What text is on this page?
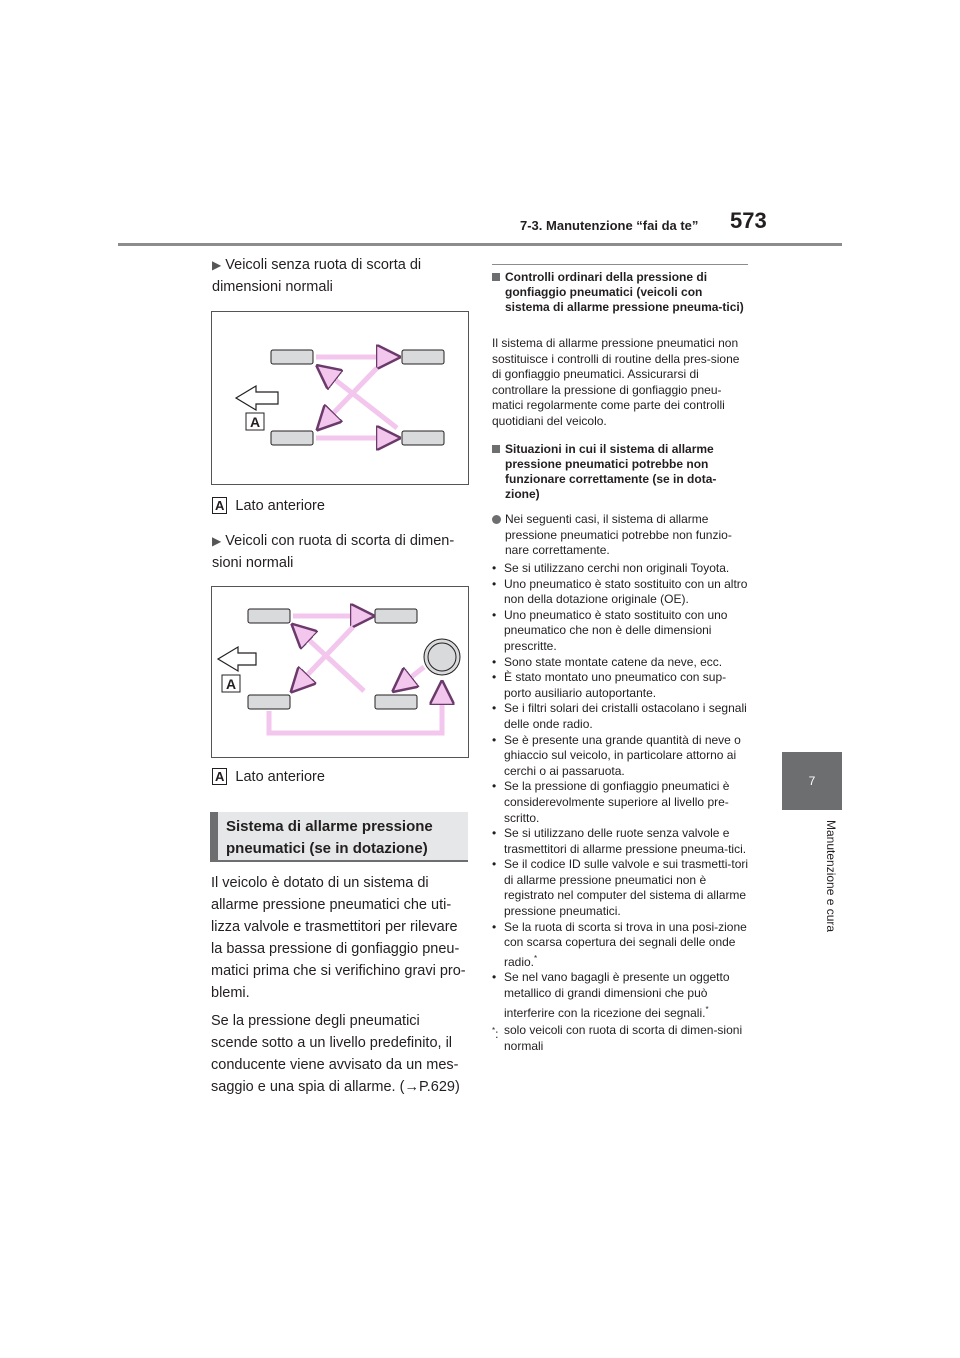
7-3. Manutenzione “fai da te” 573
7
Manutenzione e cura
▶ Veicoli senza ruota di scorta di dimensioni normali
A
A Lato anteriore
▶ Veicoli con ruota di scorta di dimen-sioni normali
A
A Lato anteriore
Sistema di allarme pressione pneumatici (se in dotazione)
Il veicolo è dotato di un sistema di allarme pressione pneumatici che uti-lizza valvole e trasmettitori per rilevare la bassa pressione di gonfiaggio pneu-matici prima che si verifichino gravi pro-blemi.
Se la pressione degli pneumatici scende sotto a un livello predefinito, il conducente viene avvisato da un mes-saggio e una spia di allarme. (→P.629)
Controlli ordinari della pressione di gonfiaggio pneumatici (veicoli con sistema di allarme pressione pneuma-tici)
Il sistema di allarme pressione pneumatici non sostituisce i controlli di routine della pres-sione di gonfiaggio pneumatici. Assicurarsi di controllare la pressione di gonfiaggio pneu-matici regolarmente come parte dei controlli quotidiani del veicolo.
Situazioni in cui il sistema di allarme pressione pneumatici potrebbe non funzionare correttamente (se in dota-zione)
Nei seguenti casi, il sistema di allarme pressione pneumatici potrebbe non funzio-nare correttamente.
• Se si utilizzano cerchi non originali Toyota.
• Uno pneumatico è stato sostituito con un altro non della dotazione originale (OE).
• Uno pneumatico è stato sostituito con uno pneumatico che non è delle dimensioni prescritte.
• Sono state montate catene da neve, ecc.
• È stato montato uno pneumatico con sup-porto ausiliario autoportante.
• Se i filtri solari dei cristalli ostacolano i segnali delle onde radio.
• Se è presente una grande quantità di neve o ghiaccio sul veicolo, in particolare attorno ai cerchi o ai passaruota.
• Se la pressione di gonfiaggio pneumatici è considerevolmente superiore al livello pre-scritto.
• Se si utilizzano delle ruote senza valvole e trasmettitori di allarme pressione pneuma-tici.
• Se il codice ID sulle valvole e sui trasmetti-tori di allarme pressione pneumatici non è registrato nel computer del sistema di allarme pressione pneumatici.
• Se la ruota di scorta si trova in una posi-zione con scarsa copertura dei segnali delle onde radio.*
• Se nel vano bagagli è presente un oggetto metallico di grandi dimensioni che può interferire con la ricezione dei segnali.*
*: solo veicoli con ruota di scorta di dimen-sioni normali
